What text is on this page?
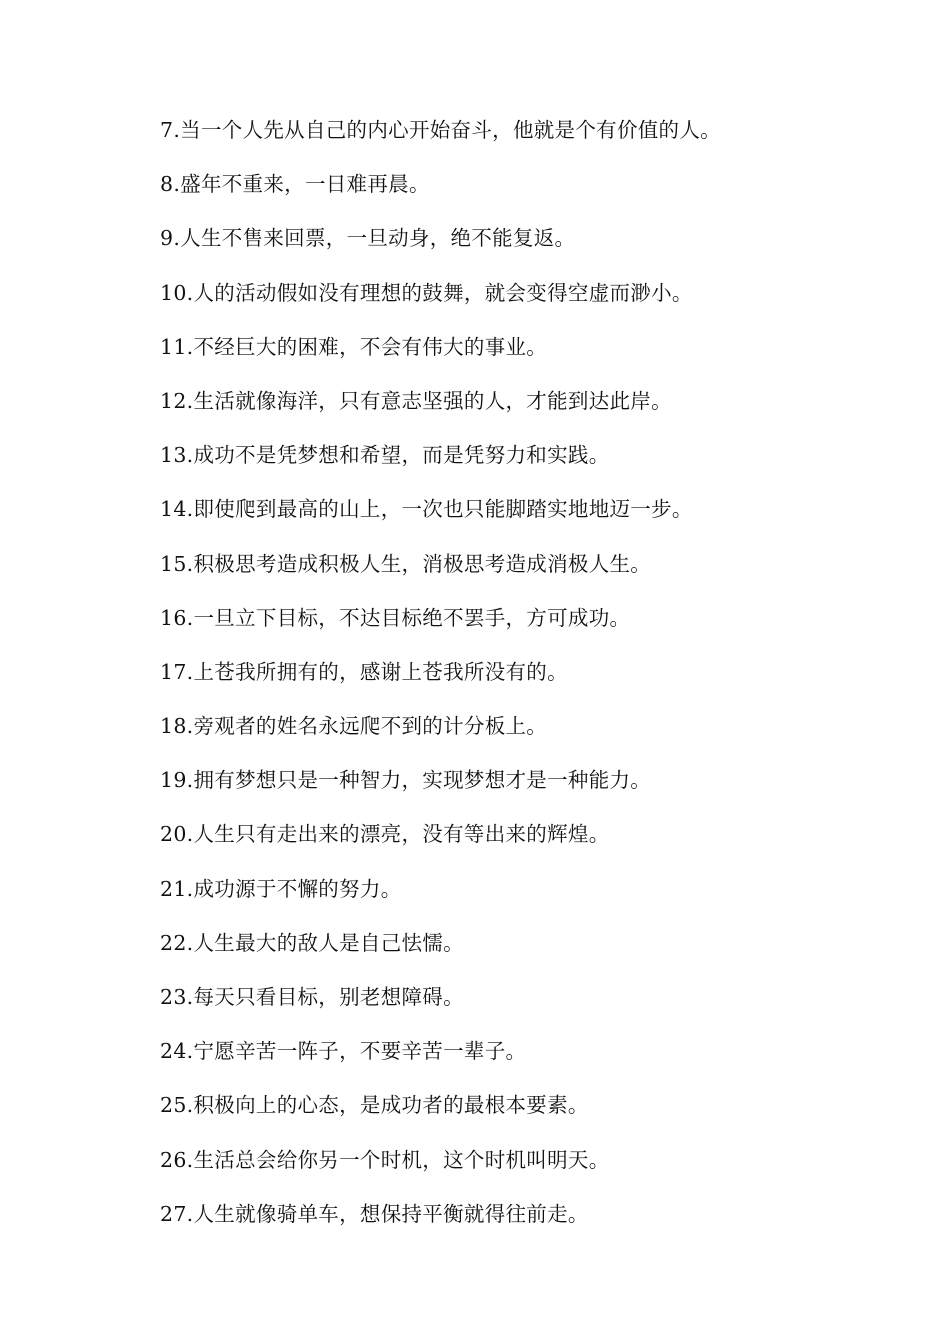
7.当一个人先从自己的内心开始奋斗，他就是个有价值的人。
8.盛年不重来，一日难再晨。
9.人生不售来回票，一旦动身，绝不能复返。
10.人的活动假如没有理想的鼓舞，就会变得空虚而渺小。
11.不经巨大的困难，不会有伟大的事业。
12.生活就像海洋，只有意志坚强的人，才能到达此岸。
13.成功不是凭梦想和希望，而是凭努力和实践。
14.即使爬到最高的山上，一次也只能脚踏实地地迈一步。
15.积极思考造成积极人生，消极思考造成消极人生。
16.一旦立下目标，不达目标绝不罢手，方可成功。
17.上苍我所拥有的，感谢上苍我所没有的。
18.旁观者的姓名永远爬不到的计分板上。
19.拥有梦想只是一种智力，实现梦想才是一种能力。
20.人生只有走出来的漂亮，没有等出来的辉煌。
21.成功源于不懈的努力。
22.人生最大的敌人是自己怯懦。
23.每天只看目标，别老想障碍。
24.宁愿辛苦一阵子，不要辛苦一辈子。
25.积极向上的心态，是成功者的最根本要素。
26.生活总会给你另一个时机，这个时机叫明天。
27.人生就像骑单车，想保持平衡就得往前走。
